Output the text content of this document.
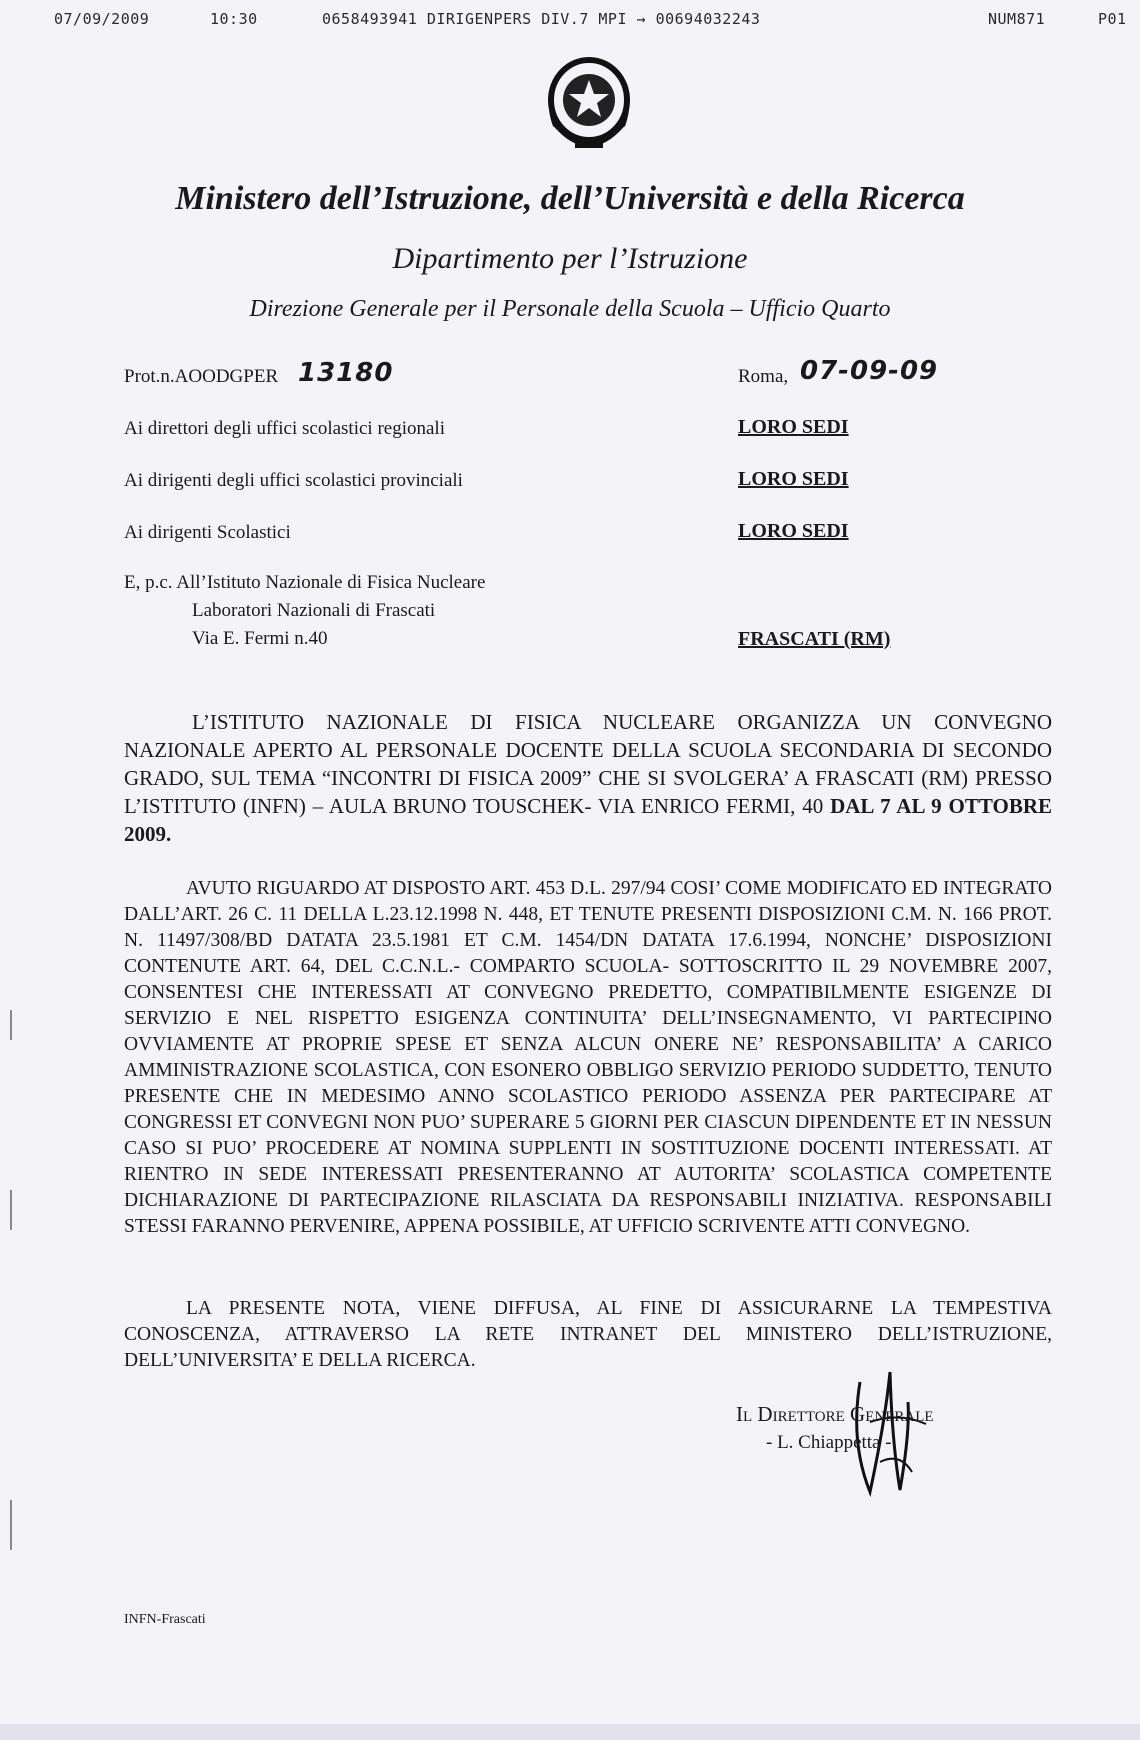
07/09/2009	10:30	0658493941 DIRIGENPERS DIV.7 MPI → 00694032243	NUM871	P01
Ministero dell’Istruzione, dell’Università e della Ricerca
Dipartimento per l’Istruzione
Direzione Generale per il Personale della Scuola – Ufficio Quarto
Prot.n.AOODGPER 13180	Roma, 07-09-09
Ai direttori degli uffici scolastici regionali	LORO SEDI
Ai dirigenti degli uffici scolastici provinciali	LORO SEDI
Ai dirigenti Scolastici	LORO SEDI
E, p.c. All’Istituto Nazionale di Fisica Nucleare
Laboratori Nazionali di Frascati
Via E. Fermi n.40	FRASCATI (RM)
L’ISTITUTO NAZIONALE DI FISICA NUCLEARE ORGANIZZA UN CONVEGNO NAZIONALE APERTO AL PERSONALE DOCENTE DELLA SCUOLA SECONDARIA DI SECONDO GRADO, SUL TEMA “INCONTRI DI FISICA 2009” CHE SI SVOLGERA’ A FRASCATI (RM) PRESSO L’ISTITUTO (INFN) – AULA BRUNO TOUSCHEK- VIA ENRICO FERMI, 40 DAL 7 AL 9 OTTOBRE 2009.
AVUTO RIGUARDO AT DISPOSTO ART. 453 D.L. 297/94 COSI’ COME MODIFICATO ED INTEGRATO DALL’ART. 26 C. 11 DELLA L.23.12.1998 N. 448, ET TENUTE PRESENTI DISPOSIZIONI C.M. N. 166 PROT. N. 11497/308/BD DATATA 23.5.1981 ET C.M. 1454/DN DATATA 17.6.1994, NONCHE’ DISPOSIZIONI CONTENUTE ART. 64, DEL C.C.N.L.- COMPARTO SCUOLA- SOTTOSCRITTO IL 29 NOVEMBRE 2007, CONSENTESI CHE INTERESSATI AT CONVEGNO PREDETTO, COMPATIBILMENTE ESIGENZE DI SERVIZIO E NEL RISPETTO ESIGENZA CONTINUITA’ DELL’INSEGNAMENTO, VI PARTECIPINO OVVIAMENTE AT PROPRIE SPESE ET SENZA ALCUN ONERE NE’ RESPONSABILITA’ A CARICO AMMINISTRAZIONE SCOLASTICA, CON ESONERO OBBLIGO SERVIZIO PERIODO SUDDETTO, TENUTO PRESENTE CHE IN MEDESIMO ANNO SCOLASTICO PERIODO ASSENZA PER PARTECIPARE AT CONGRESSI ET CONVEGNI NON PUO’ SUPERARE 5 GIORNI PER CIASCUN DIPENDENTE ET IN NESSUN CASO SI PUO’ PROCEDERE AT NOMINA SUPPLENTI IN SOSTITUZIONE DOCENTI INTERESSATI. AT RIENTRO IN SEDE INTERESSATI PRESENTERANNO AT AUTORITA’ SCOLASTICA COMPETENTE DICHIARAZIONE DI PARTECIPAZIONE RILASCIATA DA RESPONSABILI INIZIATIVA. RESPONSABILI STESSI FARANNO PERVENIRE, APPENA POSSIBILE, AT UFFICIO SCRIVENTE ATTI CONVEGNO.
LA PRESENTE NOTA, VIENE DIFFUSA, AL FINE DI ASSICURARNE LA TEMPESTIVA CONOSCENZA, ATTRAVERSO LA RETE INTRANET DEL MINISTERO DELL’ISTRUZIONE, DELL’UNIVERSITA’ E DELLA RICERCA.
Il Direttore Generale
- L. Chiappetta -
INFN-Frascati
